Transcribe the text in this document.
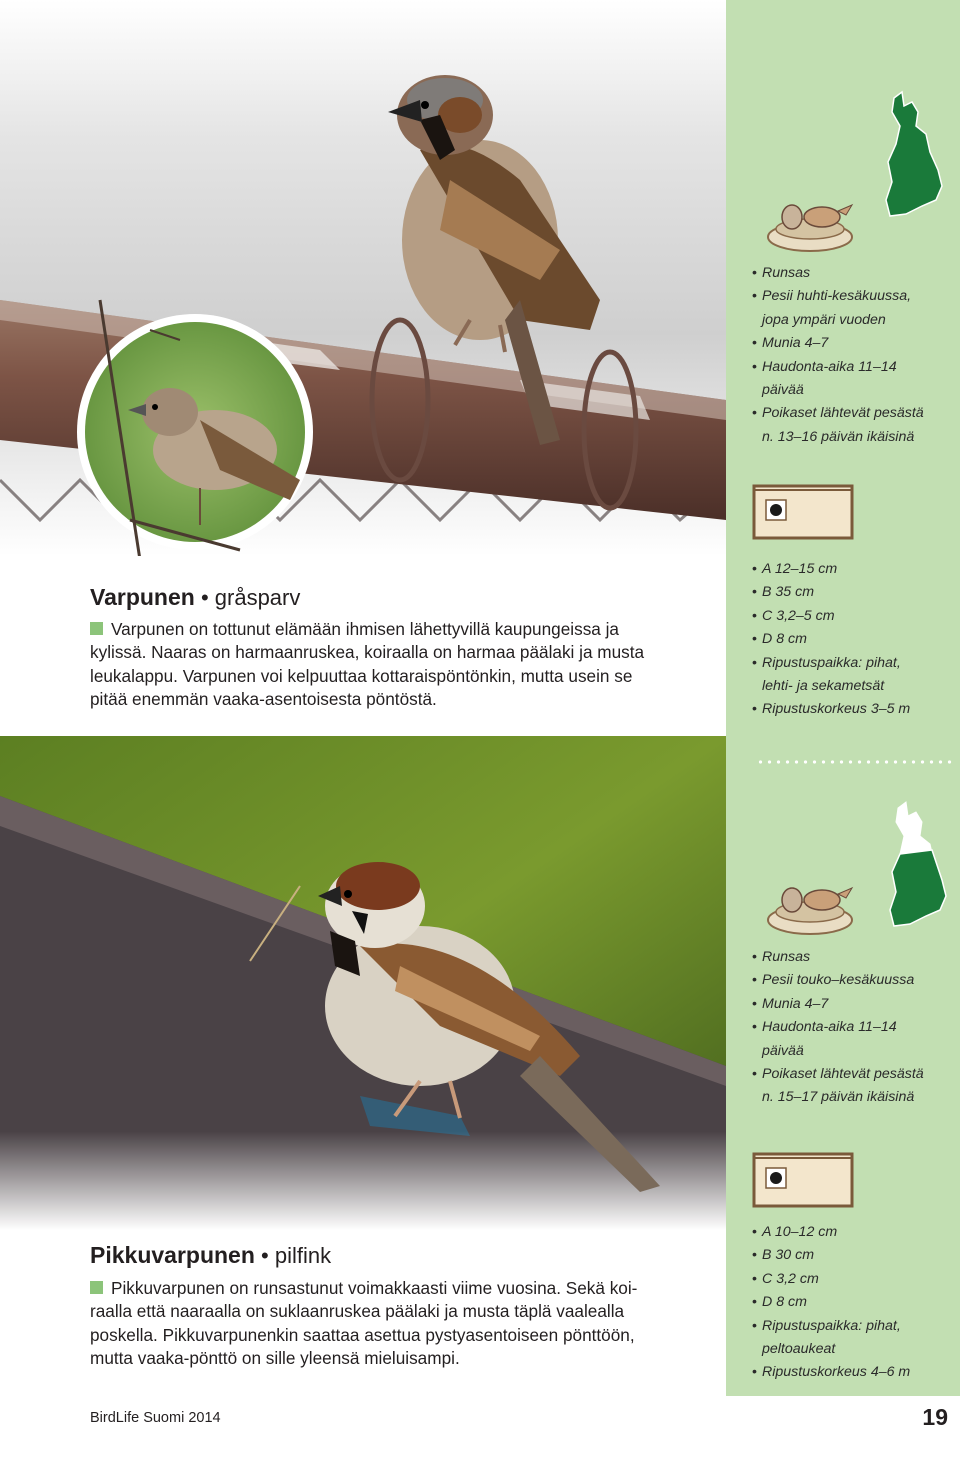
• Runsas
• Pesii huhti-kesäkuussa,
jopa ympäri vuoden
• Munia 4–7
• Haudonta-aika 11–14
päivää
• Poikaset lähtevät pesästä
n. 13–16 päivän ikäisinä
• A 12–15 cm
• B 35 cm
• C 3,2–5 cm
• D 8 cm
• Ripustuspaikka: pihat,
lehti- ja sekametsät
• Ripustuskorkeus 3–5 m
Varpunen • gråsparv

Varpunen on tottunut elämään ihmisen lähettyvillä kaupungeissa ja

kylissä. Naaras on harmaanruskea, koiraalla on harmaa päälaki ja musta

leukalappu. Varpunen voi kelpuuttaa kottaraispöntönkin, mutta usein se

pitää enemmän vaaka-asentoisesta pöntöstä.

• Runsas
• Pesii touko–kesäkuussa
• Munia 4–7
• Haudonta-aika 11–14
päivää
• Poikaset lähtevät pesästä
n. 15–17 päivän ikäisinä
• A 10–12 cm
• B 30 cm
• C 3,2 cm
• D 8 cm
• Ripustuspaikka: pihat,
peltoaukeat
• Ripustuskorkeus 4–6 m
Pikkuvarpunen • pilfink

Pikkuvarpunen on runsastunut voimakkaasti viime vuosina. Sekä koi-

raalla että naaraalla on suklaanruskea päälaki ja musta täplä vaalealla

poskella. Pikkuvarpunenkin saattaa asettua pystyasentoiseen pönttöön,

mutta vaaka-pönttö on sille yleensä mieluisampi.

BirdLife Suomi 2014	19
